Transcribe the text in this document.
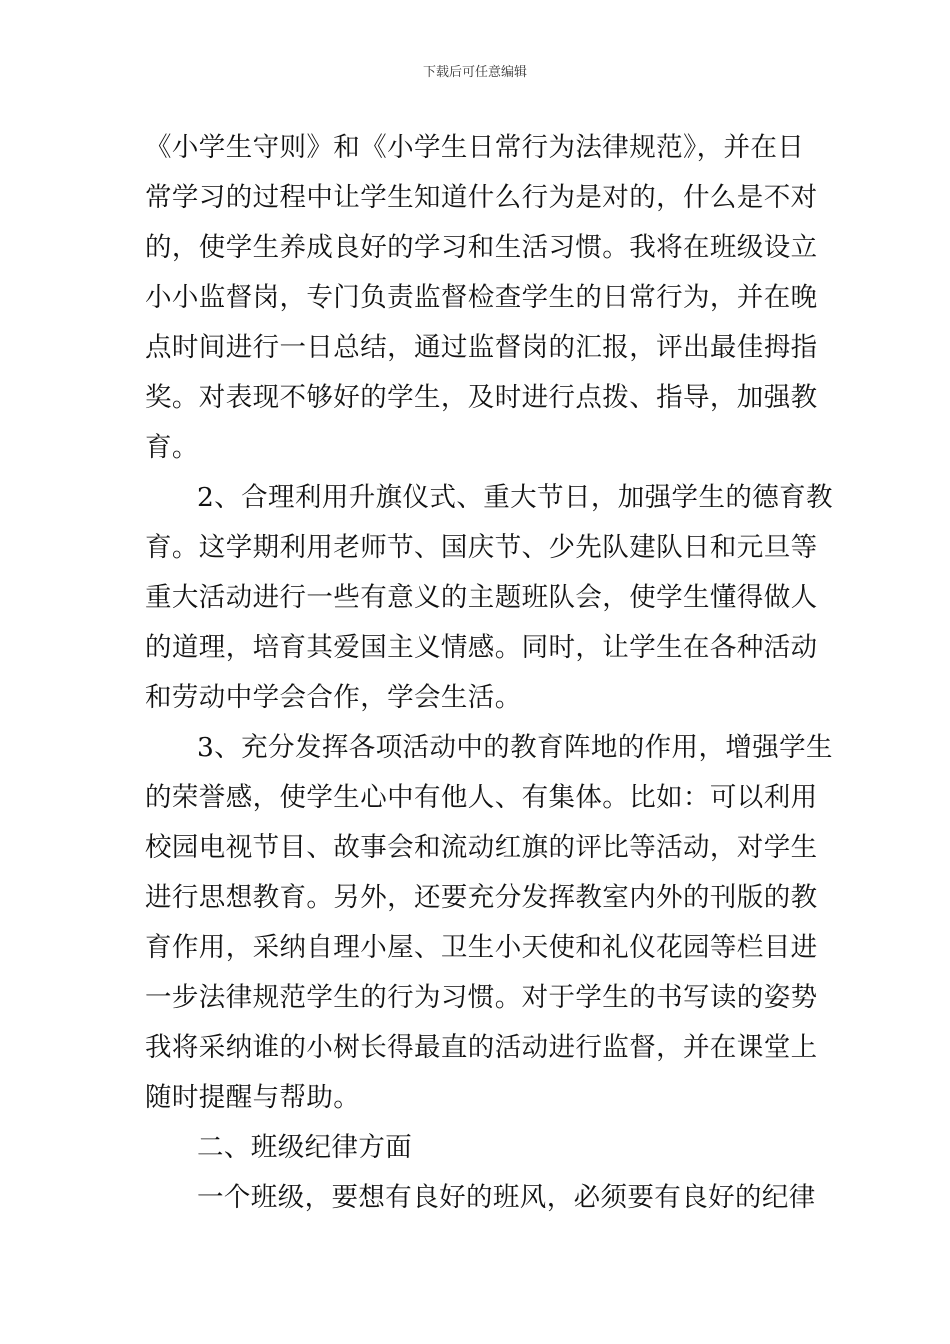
下载后可任意编辑
《小学生守则》和《小学生日常行为法律规范》，并在日
常学习的过程中让学生知道什么行为是对的，什么是不对
的，使学生养成良好的学习和生活习惯。我将在班级设立
小小监督岗，专门负责监督检查学生的日常行为，并在晚
点时间进行一日总结，通过监督岗的汇报，评出最佳拇指
奖。对表现不够好的学生，及时进行点拨、指导，加强教
育。
2、合理利用升旗仪式、重大节日，加强学生的德育教
育。这学期利用老师节、国庆节、少先队建队日和元旦等
重大活动进行一些有意义的主题班队会，使学生懂得做人
的道理，培育其爱国主义情感。同时，让学生在各种活动
和劳动中学会合作，学会生活。
3、充分发挥各项活动中的教育阵地的作用，增强学生
的荣誉感，使学生心中有他人、有集体。比如：可以利用
校园电视节目、故事会和流动红旗的评比等活动，对学生
进行思想教育。另外，还要充分发挥教室内外的刊版的教
育作用，采纳自理小屋、卫生小天使和礼仪花园等栏目进
一步法律规范学生的行为习惯。对于学生的书写读的姿势
我将采纳谁的小树长得最直的活动进行监督，并在课堂上
随时提醒与帮助。
二、班级纪律方面
一个班级，要想有良好的班风，必须要有良好的纪律
